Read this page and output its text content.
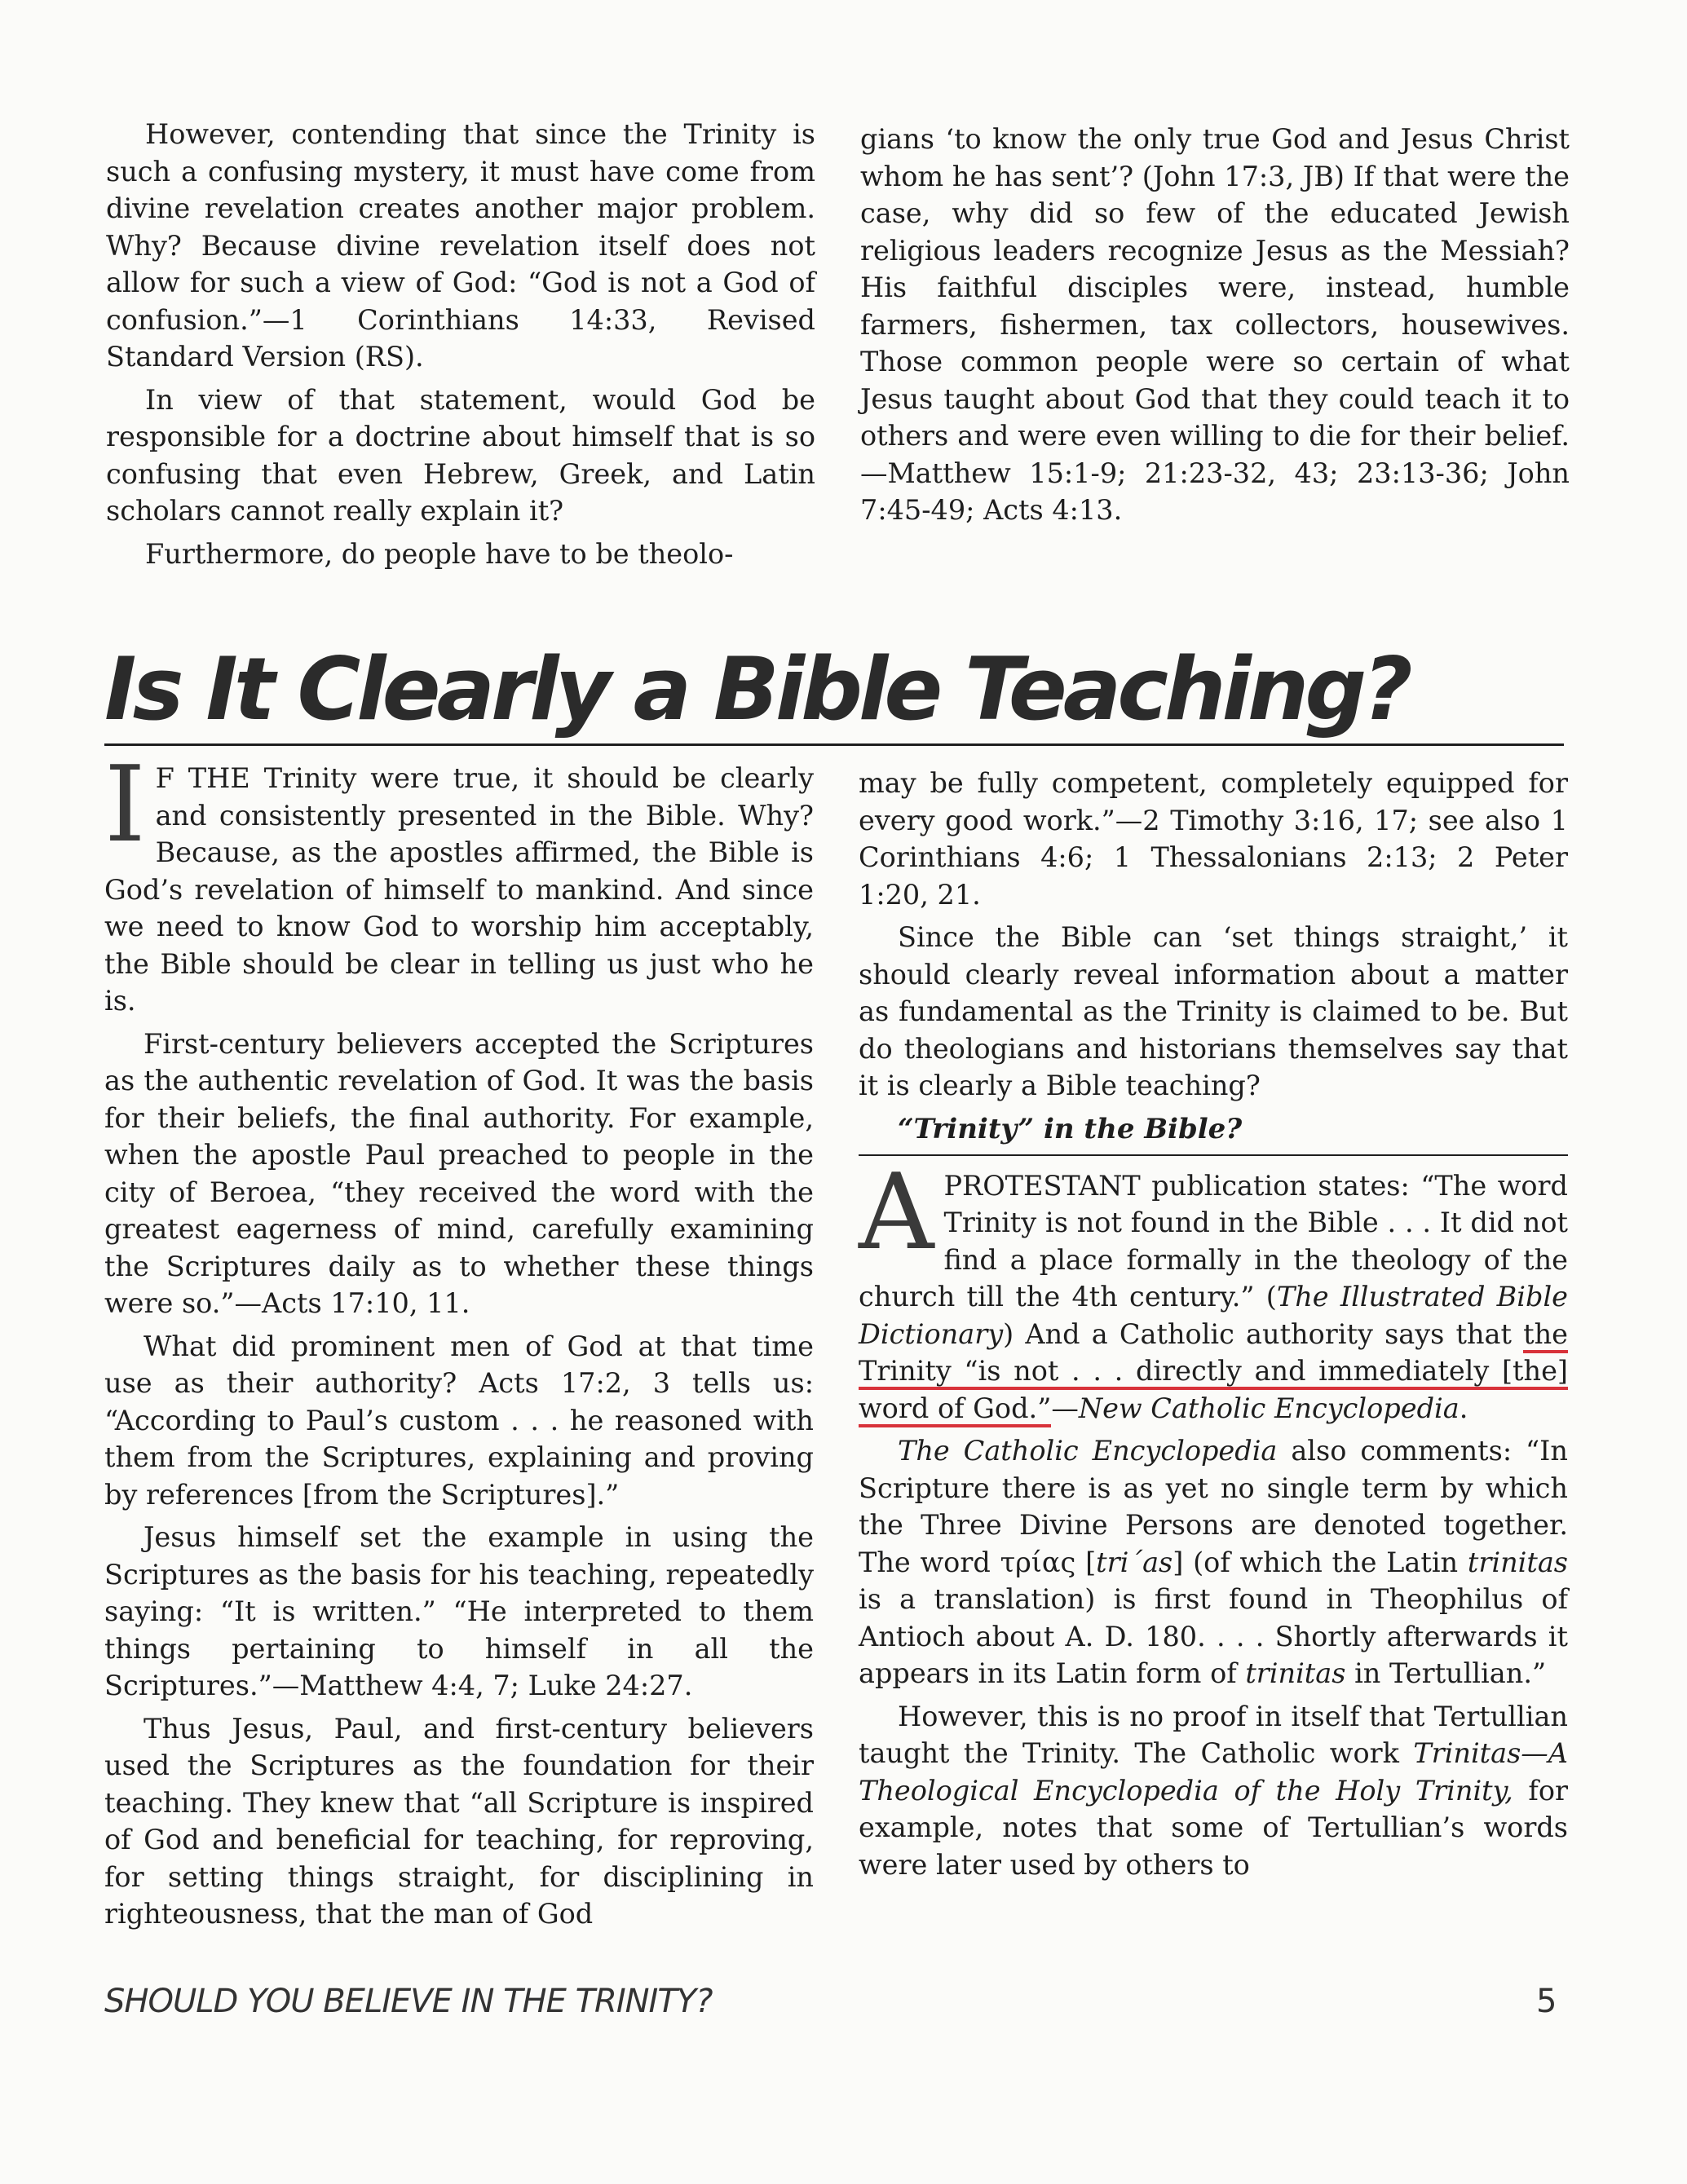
However, contending that since the Trinity is such a confusing mystery, it must have come from divine revelation creates another major problem. Why? Because divine revelation itself does not allow for such a view of God: “God is not a God of confusion.”—1 Corinthians 14:33, Revised Standard Version (RS).

In view of that statement, would God be responsible for a doctrine about himself that is so confusing that even Hebrew, Greek, and Latin scholars cannot really explain it?

Furthermore, do people have to be theolo-

gians ‘to know the only true God and Jesus Christ whom he has sent’? (John 17:3, JB) If that were the case, why did so few of the educated Jewish religious leaders recognize Jesus as the Messiah? His faithful disciples were, instead, humble farmers, fishermen, tax collectors, housewives. Those common people were so certain of what Jesus taught about God that they could teach it to others and were even willing to die for their belief.—Matthew 15:1-9; 21:23-32, 43; 23:13-36; John 7:45-49; Acts 4:13.

Is It Clearly a Bible Teaching?

I F THE Trinity were true, it should be clearly and consistently presented in the Bible. Why? Because, as the apostles affirmed, the Bible is God’s revelation of himself to mankind. And since we need to know God to worship him acceptably, the Bible should be clear in telling us just who he is.

First-century believers accepted the Scriptures as the authentic revelation of God. It was the basis for their beliefs, the final authority. For example, when the apostle Paul preached to people in the city of Beroea, “they received the word with the greatest eagerness of mind, carefully examining the Scriptures daily as to whether these things were so.”—Acts 17:10, 11.

What did prominent men of God at that time use as their authority? Acts 17:2, 3 tells us: “According to Paul’s custom . . . he reasoned with them from the Scriptures, explaining and proving by references [from the Scriptures].”

Jesus himself set the example in using the Scriptures as the basis for his teaching, repeatedly saying: “It is written.” “He interpreted to them things pertaining to himself in all the Scriptures.”—Matthew 4:4, 7; Luke 24:27.

Thus Jesus, Paul, and first-century believers used the Scriptures as the foundation for their teaching. They knew that “all Scripture is inspired of God and beneficial for teaching, for reproving, for setting things straight, for disciplining in righteousness, that the man of God

may be fully competent, completely equipped for every good work.”—2 Timothy 3:16, 17; see also 1 Corinthians 4:6; 1 Thessalonians 2:13; 2 Peter 1:20, 21.

Since the Bible can ‘set things straight,’ it should clearly reveal information about a matter as fundamental as the Trinity is claimed to be. But do theologians and historians themselves say that it is clearly a Bible teaching?

“Trinity” in the Bible?

APROTESTANT publication states: “The word Trinity is not found in the Bible . . . It did not find a place formally in the theology of the church till the 4th century.” (The Illustrated Bible Dictionary) And a Catholic authority says that the Trinity “is not . . . directly and immediately [the] word of God.”—New Catholic Encyclopedia.

The Catholic Encyclopedia also comments: “In Scripture there is as yet no single term by which the Three Divine Persons are denoted together. The word τρίας [tri´as] (of which the Latin trinitas is a translation) is first found in Theophilus of Antioch about A. D. 180. . . . Shortly afterwards it appears in its Latin form of trinitas in Tertullian.”

However, this is no proof in itself that Tertullian taught the Trinity. The Catholic work Trinitas—A Theological Encyclopedia of the Holy Trinity, for example, notes that some of Tertullian’s words were later used by others to

SHOULD YOU BELIEVE IN THE TRINITY?	5
